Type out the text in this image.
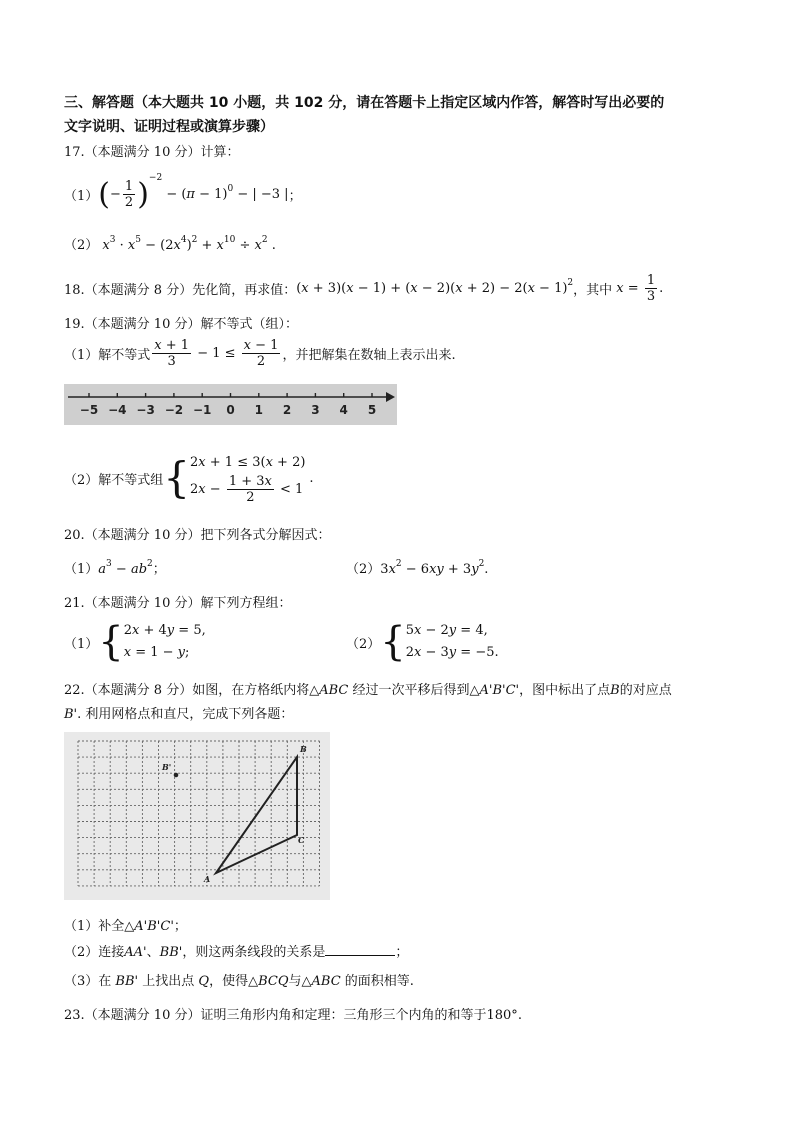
三、解答题（本大题共 10 小题，共 102 分，请在答题卡上指定区域内作答，解答时写出必要的
文字说明、证明过程或演算步骤）
17.（本题满分 10 分）计算：
（1） (− $\frac{1}{2} )^{-2} - (\pi - 1)^0$ − | −3 | ；
（2） $x^3 \cdot x^5 - (2x^4)^2 + x^{10} \div x^2$ .
18.（本题满分 8 分）先化简，再求值： $(x + 3)(x - 1) + (x - 2)(x + 2) - 2(x - 1)^2$ ，其中 $x = \frac{1}{3}$ .
19.（本题满分 10 分）解不等式（组）：
（1）解不等式 $\frac{x + 1}{3} - 1 \le \frac{x - 1}{2}$ ，并把解集在数轴上表示出来.
−5 −4 −3 −2 −1 0 1 2 3 4 5
（2）解不等式组 { 2x + 1 ≤ 3(x + 2)
$2x - \frac{1 + 3x}{2} < 1$
.
20.（本题满分 10 分）把下列各式分解因式：
$(1)a^3 - ab^2$；	$(2)3x^2 - 6xy + 3y^2$.
21.（本题满分 10 分）解下列方程组：
（1） { 2x + 4y = 5,
x = 1 − y;
（2） { 5x − 2y = 4,
2x − 3y = −5.
22.（本题满分 8 分）如图，在方格纸内将△ABC 经过一次平移后得到△A'B'C'，图中标出了点B的对应点
B'. 利用网格点和直尺，完成下列各题：
B'
B
C
A
（1）补全△A'B'C'；
（2）连接AA'、BB'，则这两条线段的关系是	；
（3）在 BB' 上找出点 Q，使得△BCQ与△ABC 的面积相等.
23.（本题满分 10 分）证明三角形内角和定理：三角形三个内角的和等于180°.
